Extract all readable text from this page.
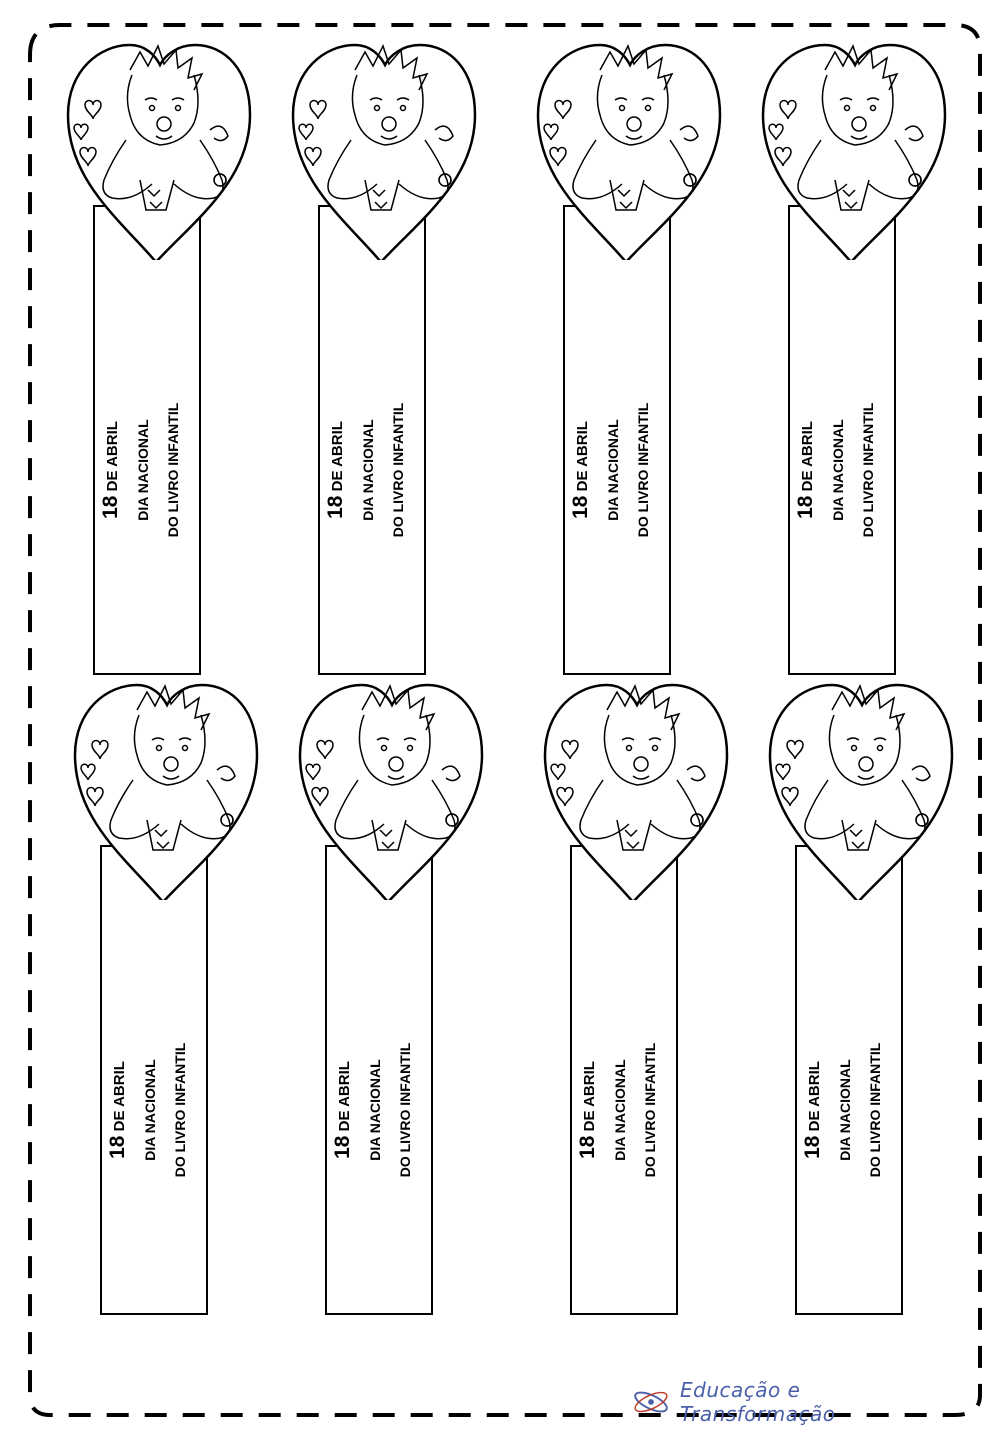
18 DE ABRIL	DIA NACIONAL	DO LIVRO INFANTIL	18 DE ABRIL	DIA NACIONAL	DO LIVRO INFANTIL	18 DE ABRIL	DIA NACIONAL	DO LIVRO INFANTIL	18 DE ABRIL	DIA NACIONAL	DO LIVRO INFANTIL
18 DE ABRIL	DIA NACIONAL	DO LIVRO INFANTIL	18 DE ABRIL	DIA NACIONAL	DO LIVRO INFANTIL	18 DE ABRIL	DIA NACIONAL	DO LIVRO INFANTIL	18 DE ABRIL	DIA NACIONAL	DO LIVRO INFANTIL
Educação e Transformação
